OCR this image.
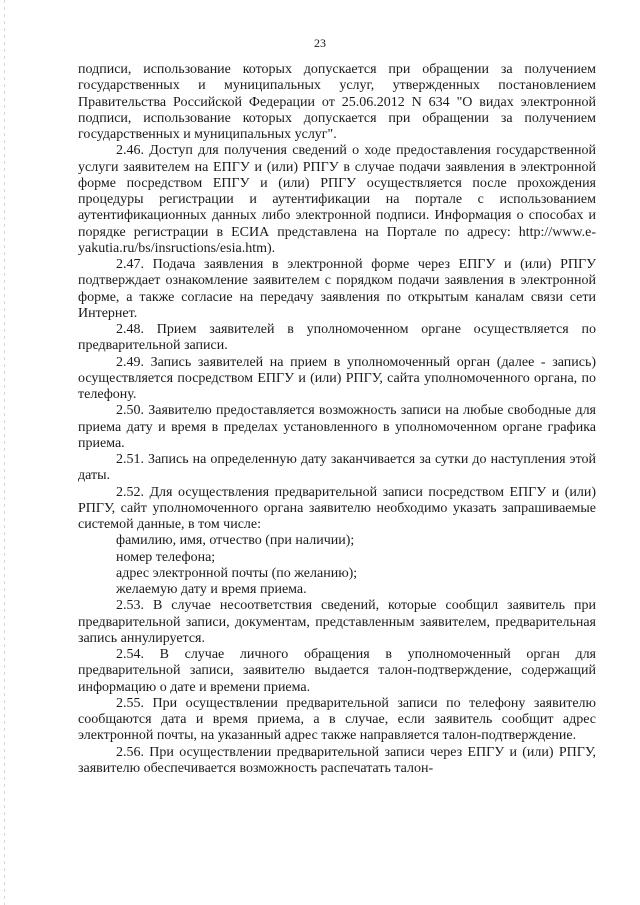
23

подписи, использование которых допускается при обращении за получением государственных и муниципальных услуг, утвержденных постановлением Правительства Российской Федерации от 25.06.2012 N 634 "О видах электронной подписи, использование которых допускается при обращении за получением государственных и муниципальных услуг".

2.46. Доступ для получения сведений о ходе предоставления государственной услуги заявителем на ЕПГУ и (или) РПГУ в случае подачи заявления в электронной форме посредством ЕПГУ и (или) РПГУ осуществляется после прохождения процедуры регистрации и аутентификации на портале с использованием аутентификационных данных либо электронной подписи. Информация о способах и порядке регистрации в ЕСИА представлена на Портале по адресу: http://www.e-yakutia.ru/bs/insructions/esia.htm).

2.47. Подача заявления в электронной форме через ЕПГУ и (или) РПГУ подтверждает ознакомление заявителем с порядком подачи заявления в электронной форме, а также согласие на передачу заявления по открытым каналам связи сети Интернет.

2.48. Прием заявителей в уполномоченном органе осуществляется по предварительной записи.

2.49. Запись заявителей на прием в уполномоченный орган (далее - запись) осуществляется посредством ЕПГУ и (или) РПГУ, сайта уполномоченного органа, по телефону.

2.50. Заявителю предоставляется возможность записи на любые свободные для приема дату и время в пределах установленного в уполномоченном органе графика приема.

2.51. Запись на определенную дату заканчивается за сутки до наступления этой даты.

2.52. Для осуществления предварительной записи посредством ЕПГУ и (или) РПГУ, сайт уполномоченного органа заявителю необходимо указать запрашиваемые системой данные, в том числе:

фамилию, имя, отчество (при наличии);

номер телефона;

адрес электронной почты (по желанию);

желаемую дату и время приема.

2.53. В случае несоответствия сведений, которые сообщил заявитель при предварительной записи, документам, представленным заявителем, предварительная запись аннулируется.

2.54. В случае личного обращения в уполномоченный орган для предварительной записи, заявителю выдается талон-подтверждение, содержащий информацию о дате и времени приема.

2.55. При осуществлении предварительной записи по телефону заявителю сообщаются дата и время приема, а в случае, если заявитель сообщит адрес электронной почты, на указанный адрес также направляется талон-подтверждение.

2.56. При осуществлении предварительной записи через ЕПГУ и (или) РПГУ, заявителю обеспечивается возможность распечатать талон-
